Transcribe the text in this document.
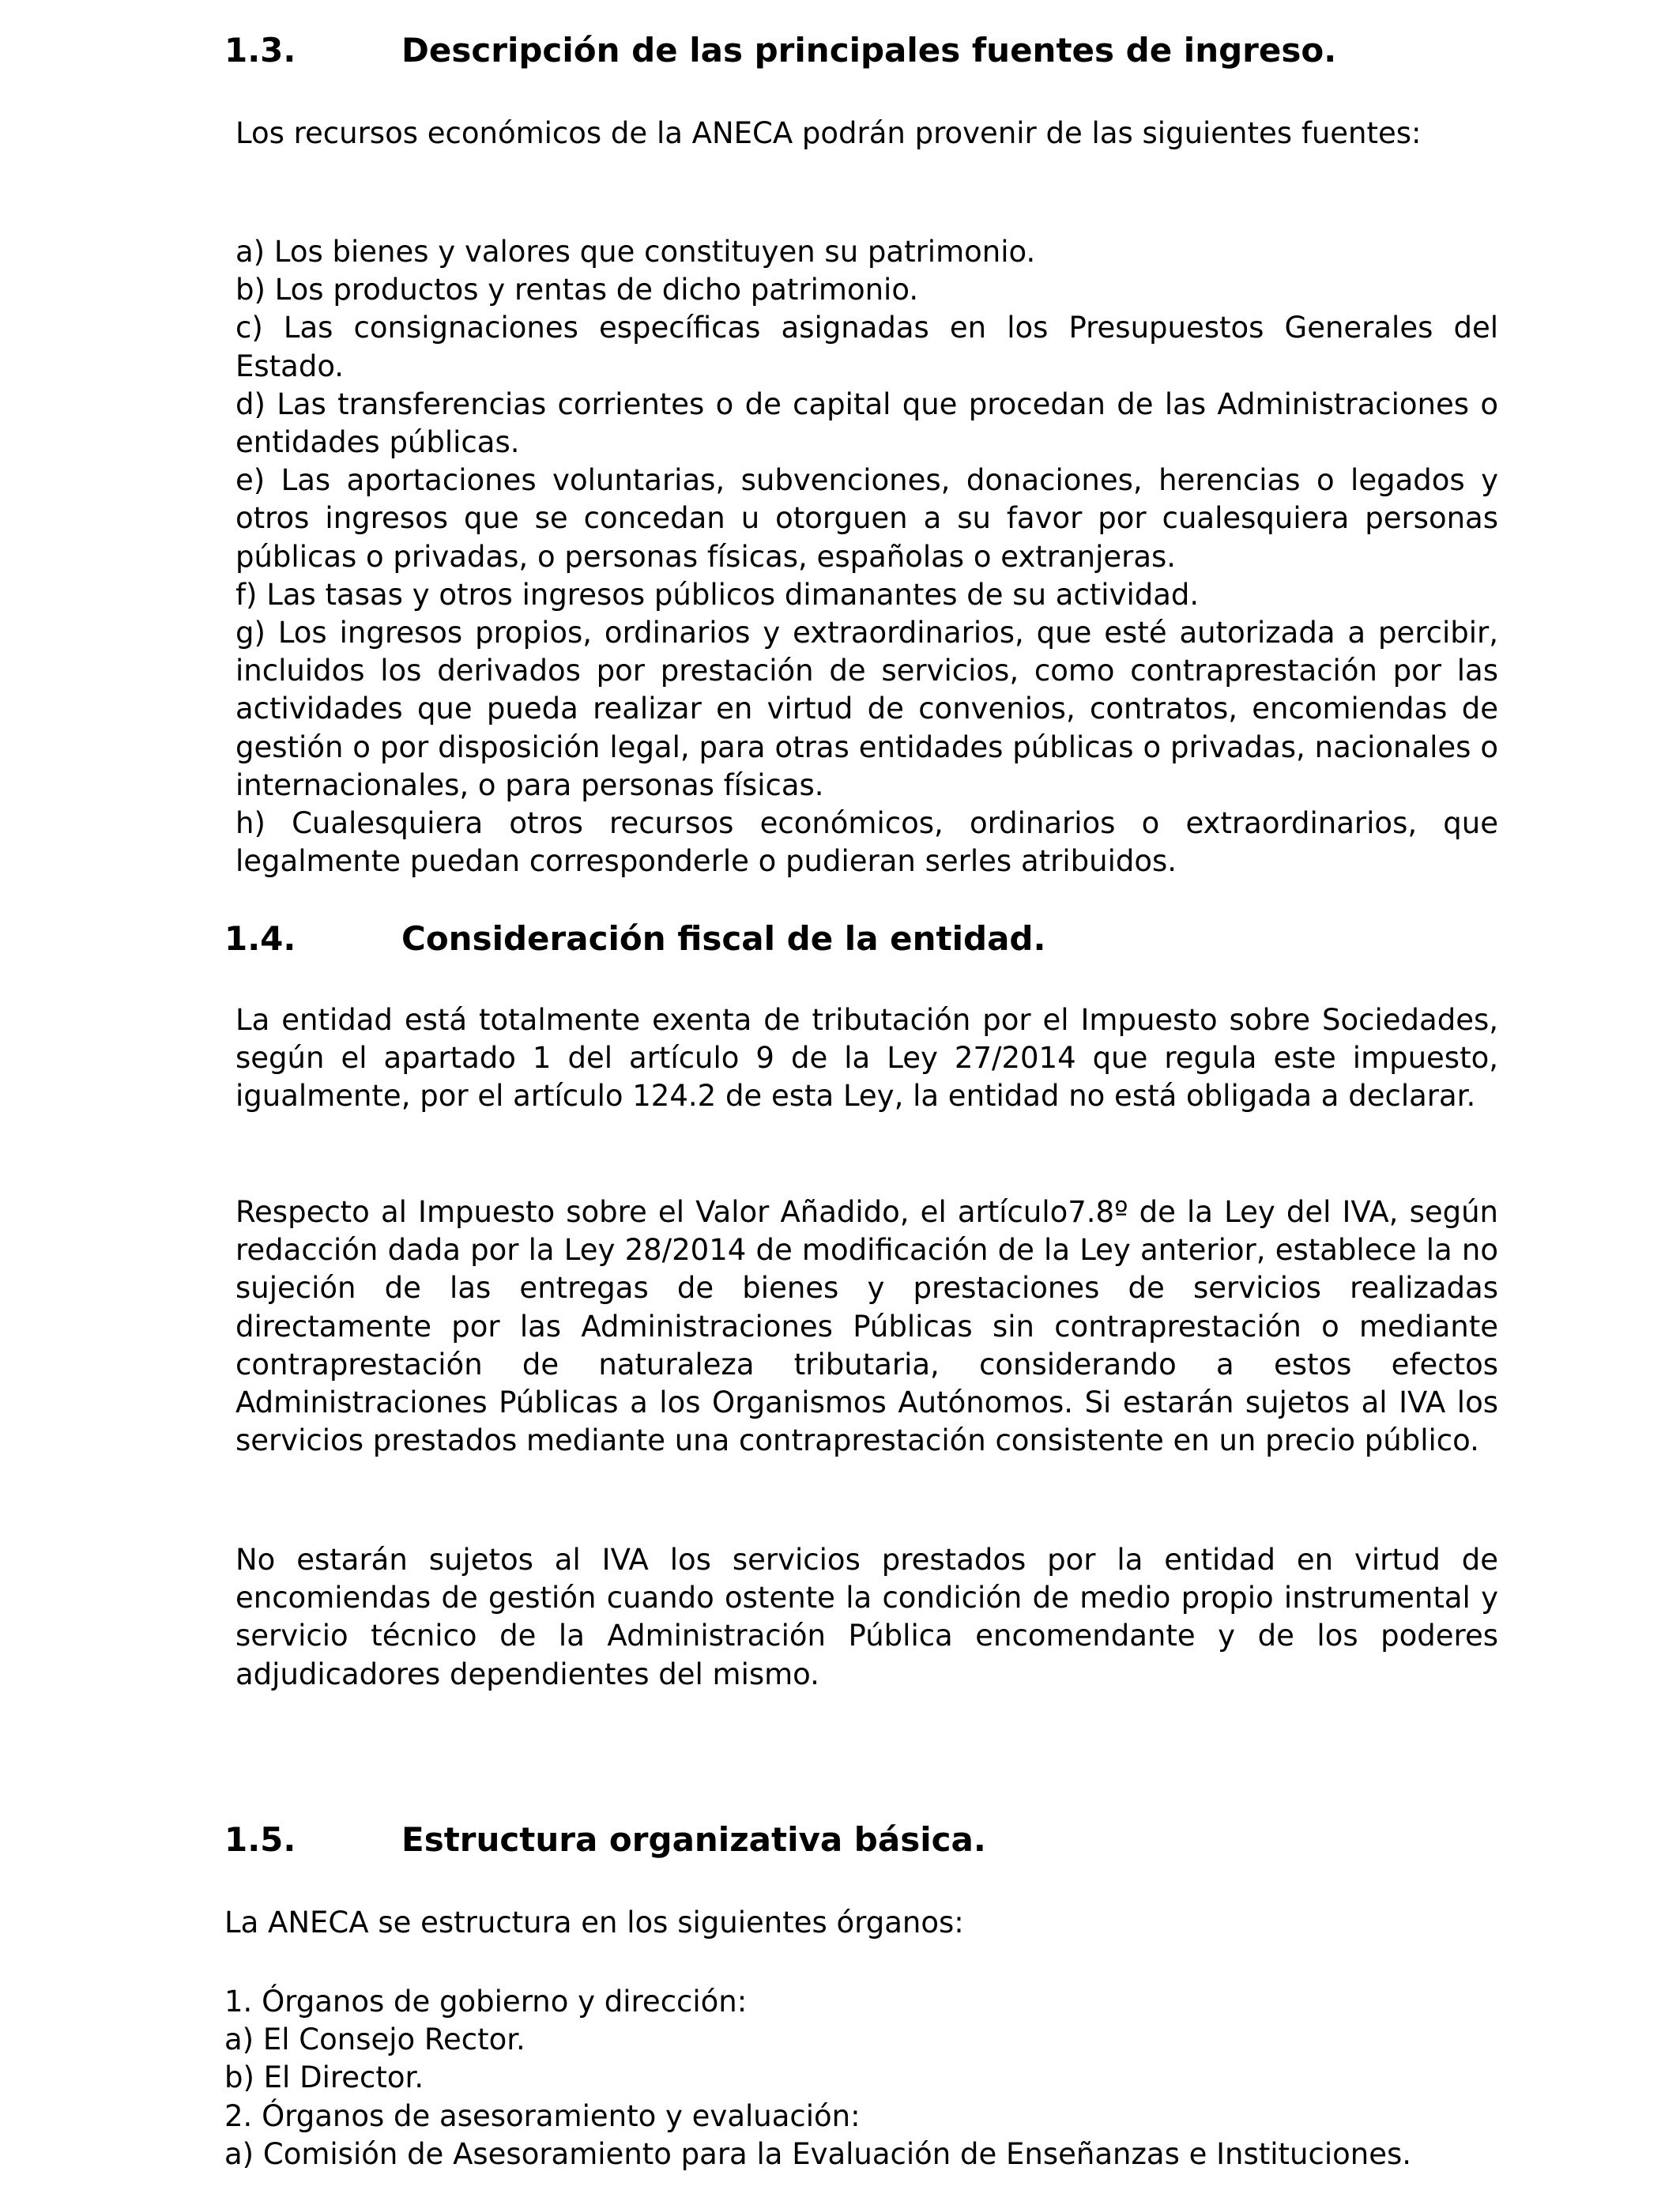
1.3.	Descripción de las principales fuentes de ingreso.

Los recursos económicos de la ANECA podrán provenir de las siguientes fuentes:

a) Los bienes y valores que constituyen su patrimonio.
b) Los productos y rentas de dicho patrimonio.
c) Las consignaciones específicas asignadas en los Presupuestos Generales del Estado.
d) Las transferencias corrientes o de capital que procedan de las Administraciones o entidades públicas.
e) Las aportaciones voluntarias, subvenciones, donaciones, herencias o legados y otros ingresos que se concedan u otorguen a su favor por cualesquiera personas públicas o privadas, o personas físicas, españolas o extranjeras.
f) Las tasas y otros ingresos públicos dimanantes de su actividad.
g) Los ingresos propios, ordinarios y extraordinarios, que esté autorizada a percibir, incluidos los derivados por prestación de servicios, como contraprestación por las actividades que pueda realizar en virtud de convenios, contratos, encomiendas de gestión o por disposición legal, para otras entidades públicas o privadas, nacionales o internacionales, o para personas físicas.
h) Cualesquiera otros recursos económicos, ordinarios o extraordinarios, que legalmente puedan corresponderle o pudieran serles atribuidos.
1.4.	Consideración fiscal de la entidad.

La entidad está totalmente exenta de tributación por el Impuesto sobre Sociedades, según el apartado 1 del artículo 9 de la Ley 27/2014 que regula este impuesto, igualmente, por el artículo 124.2 de esta Ley, la entidad no está obligada a declarar.

Respecto al Impuesto sobre el Valor Añadido, el artículo7.8º de la Ley del IVA, según redacción dada por la Ley 28/2014 de modificación de la Ley anterior, establece la no sujeción de las entregas de bienes y prestaciones de servicios realizadas directamente por las Administraciones Públicas sin contraprestación o mediante contraprestación de naturaleza tributaria, considerando a estos efectos Administraciones Públicas a los Organismos Autónomos. Si estarán sujetos al IVA los servicios prestados mediante una contraprestación consistente en un precio público.

No estarán sujetos al IVA los servicios prestados por la entidad en virtud de encomiendas de gestión cuando ostente la condición de medio propio instrumental y servicio técnico de la Administración Pública encomendante y de los poderes adjudicadores dependientes del mismo.

1.5.	Estructura organizativa básica.

La ANECA se estructura en los siguientes órganos:

1. Órganos de gobierno y dirección:
a) El Consejo Rector.
b) El Director.
2. Órganos de asesoramiento y evaluación:
a) Comisión de Asesoramiento para la Evaluación de Enseñanzas e Instituciones.
